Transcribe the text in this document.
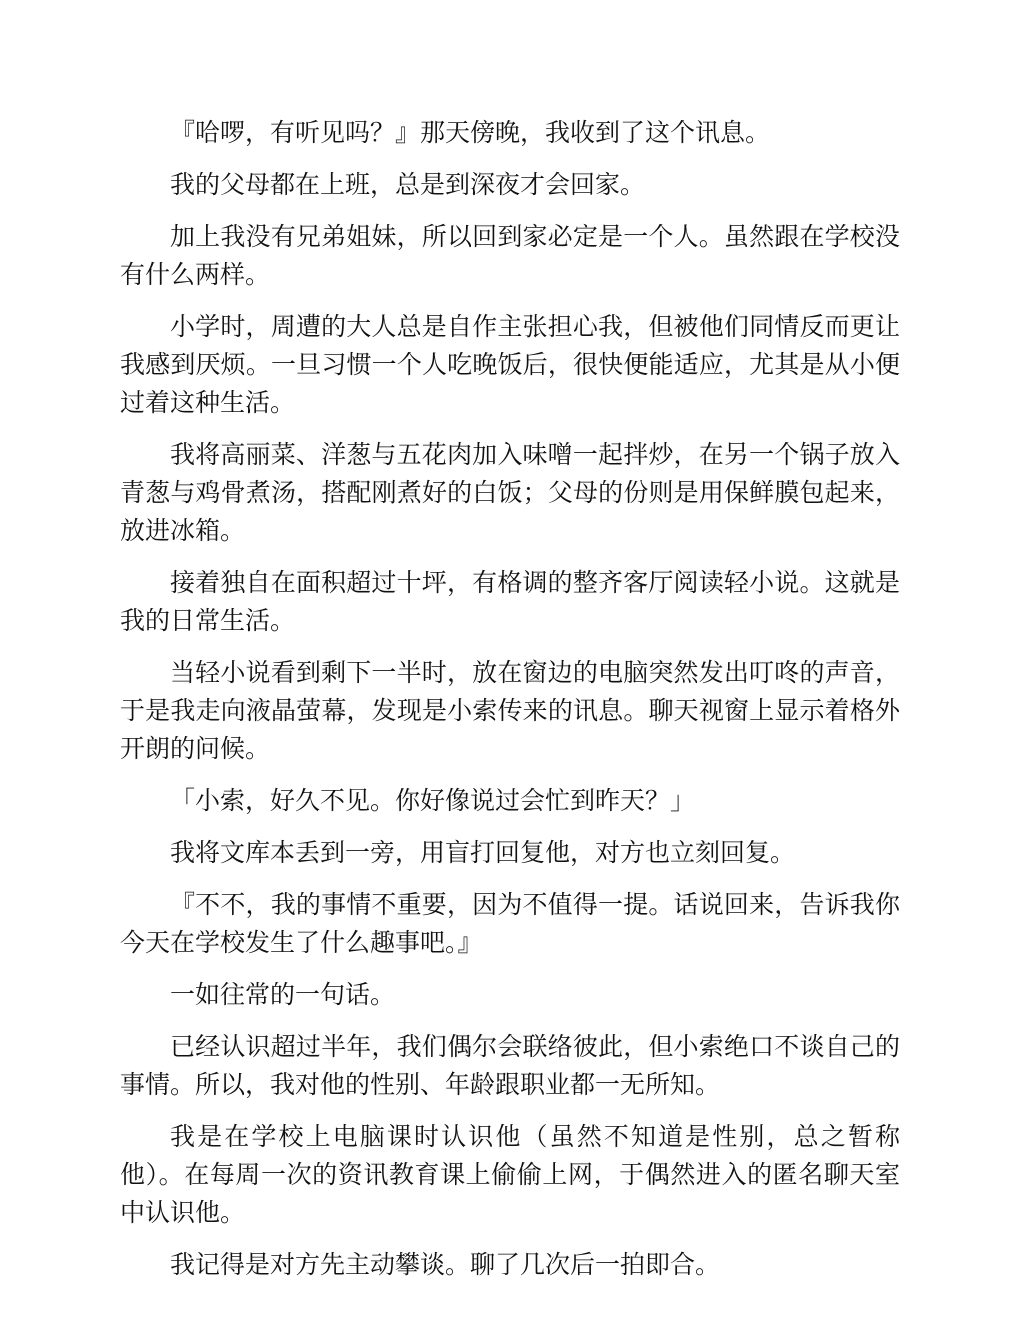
『哈啰，有听见吗？』那天傍晚，我收到了这个讯息。

我的父母都在上班，总是到深夜才会回家。

加上我没有兄弟姐妹，所以回到家必定是一个人。虽然跟在学校没有什么两样。

小学时，周遭的大人总是自作主张担心我，但被他们同情反而更让我感到厌烦。一旦习惯一个人吃晚饭后，很快便能适应，尤其是从小便过着这种生活。

我将高丽菜、洋葱与五花肉加入味噌一起拌炒，在另一个锅子放入青葱与鸡骨煮汤，搭配刚煮好的白饭；父母的份则是用保鲜膜包起来，放进冰箱。

接着独自在面积超过十坪，有格调的整齐客厅阅读轻小说。这就是我的日常生活。

当轻小说看到剩下一半时，放在窗边的电脑突然发出叮咚的声音，于是我走向液晶萤幕，发现是小索传来的讯息。聊天视窗上显示着格外开朗的问候。

「小索，好久不见。你好像说过会忙到昨天？」

我将文库本丢到一旁，用盲打回复他，对方也立刻回复。

『不不，我的事情不重要，因为不值得一提。话说回来，告诉我你今天在学校发生了什么趣事吧。』

一如往常的一句话。

已经认识超过半年，我们偶尔会联络彼此，但小索绝口不谈自己的事情。所以，我对他的性别、年龄跟职业都一无所知。

我是在学校上电脑课时认识他（虽然不知道是性别，总之暂称他）。在每周一次的资讯教育课上偷偷上网，于偶然进入的匿名聊天室中认识他。

我记得是对方先主动攀谈。聊了几次后一拍即合。
